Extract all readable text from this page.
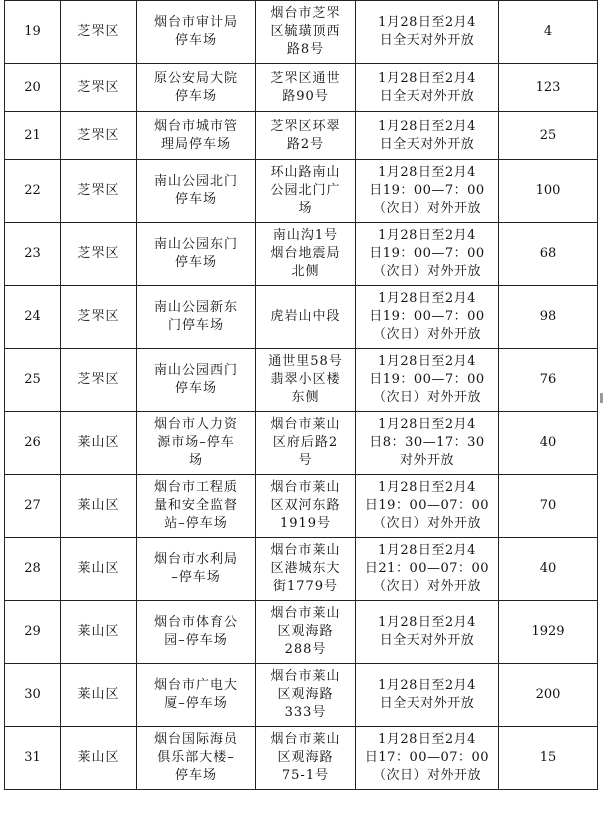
19	芝罘区	烟台市审计局
停车场	烟台市芝罘
区毓璜顶西
路8号	1月28日至2月4
日全天对外开放	4
20	芝罘区	原公安局大院
停车场	芝罘区通世
路90号	1月28日至2月4
日全天对外开放	123
21	芝罘区	烟台市城市管
理局停车场	芝罘区环翠
路2号	1月28日至2月4
日全天对外开放	25
22	芝罘区	南山公园北门
停车场	环山路南山
公园北门广
场	1月28日至2月4
日19：00—7：00
（次日）对外开放	100
23	芝罘区	南山公园东门
停车场	南山沟1号
烟台地震局
北侧	1月28日至2月4
日19：00—7：00
（次日）对外开放	68
24	芝罘区	南山公园新东
门停车场	虎岩山中段	1月28日至2月4
日19：00—7：00
（次日）对外开放	98
25	芝罘区	南山公园西门
停车场	通世里58号
翡翠小区楼
东侧	1月28日至2月4
日19：00—7：00
（次日）对外开放	76
26	莱山区	烟台市人力资
源市场–停车
场	烟台市莱山
区府后路2
号	1月28日至2月4
日8：30—17：30
对外开放	40
27	莱山区	烟台市工程质
量和安全监督
站–停车场	烟台市莱山
区双河东路
1919号	1月28日至2月4
日19：00—07：00
（次日）对外开放	70
28	莱山区	烟台市水利局
–停车场	烟台市莱山
区港城东大
街1779号	1月28日至2月4
日21：00—07：00
（次日）对外开放	40
29	莱山区	烟台市体育公
园–停车场	烟台市莱山
区观海路
288号	1月28日至2月4
日全天对外开放	1929
30	莱山区	烟台市广电大
厦–停车场	烟台市莱山
区观海路
333号	1月28日至2月4
日全天对外开放	200
31	莱山区	烟台国际海员
俱乐部大楼–
停车场	烟台市莱山
区观海路
75-1号	1月28日至2月4
日17：00—07：00
（次日）对外开放	15
